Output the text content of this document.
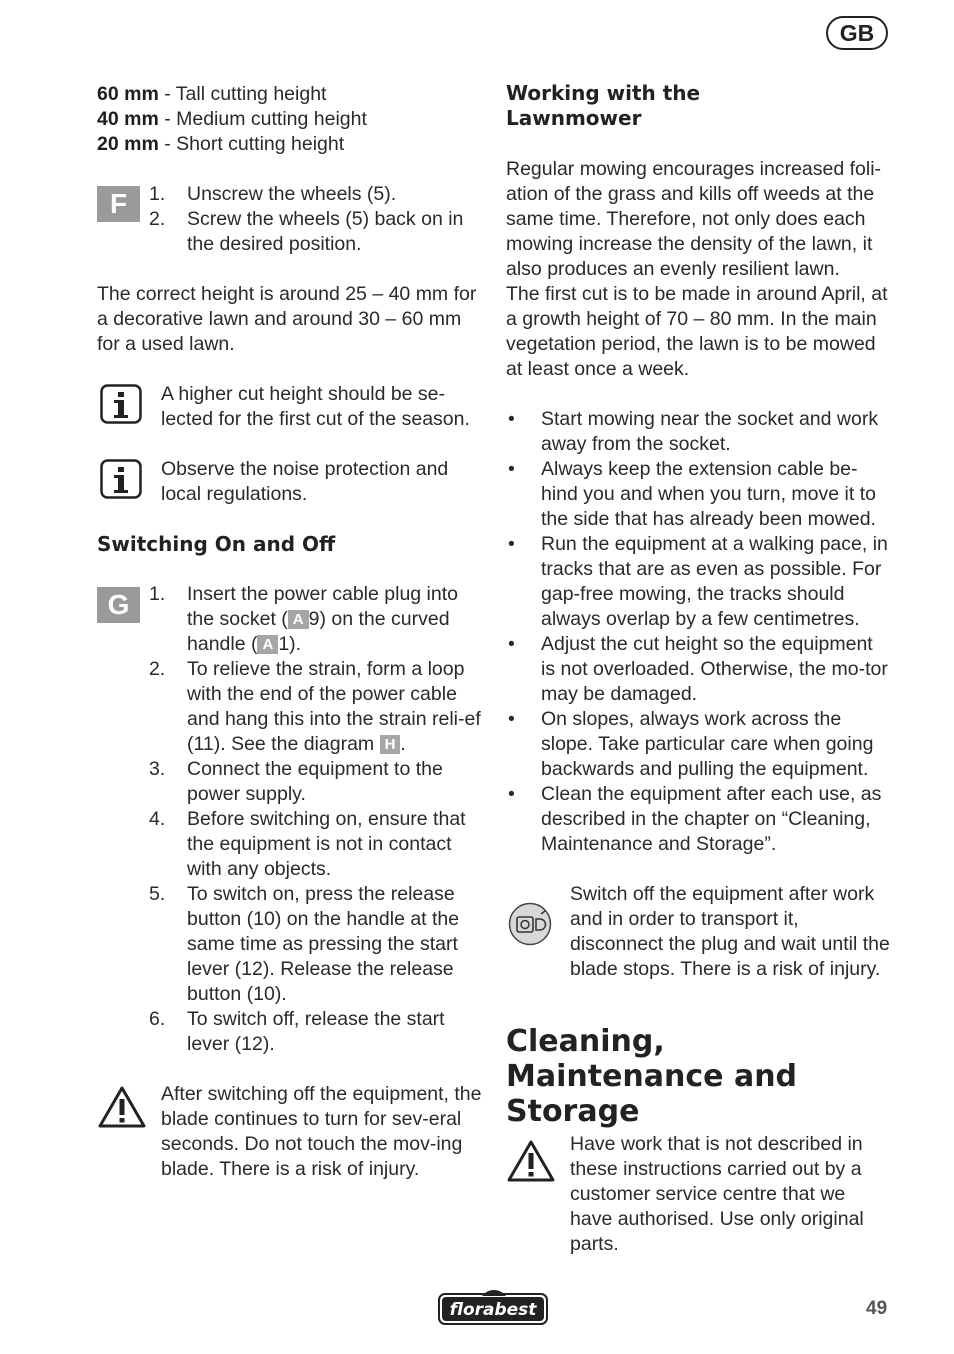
GB

60 mm - Tall cutting height

40 mm - Medium cutting height

20 mm - Short cutting height

F	1. Unscrew the wheels (5).
2. Screw the wheels (5) back on in the desired position.

The correct height is around 25 – 40 mm for a decorative lawn and around 30 – 60 mm for a used lawn.

A higher cut height should be se-lected for the first cut of the season.

Observe the noise protection and local regulations.

Switching On and Off
G	1. Insert the power cable plug into the socket ( A 9) on the curved handle ( A 1).
2. To relieve the strain, form a loop with the end of the power cable and hang this into the strain reli-ef (11). See the diagram H .
3. Connect the equipment to the power supply.
4. Before switching on, ensure that the equipment is not in contact with any objects.
5. To switch on, press the release button (10) on the handle at the same time as pressing the start lever (12). Release the release button (10).
6. To switch off, release the start lever (12).

After switching off the equipment, the blade continues to turn for sev-eral seconds. Do not touch the mov-ing blade. There is a risk of injury.

Working with the
Lawnmower

Regular mowing encourages increased foli-ation of the grass and kills off weeds at the same time. Therefore, not only does each mowing increase the density of the lawn, it also produces an evenly resilient lawn.

The first cut is to be made in around April, at a growth height of 70 – 80 mm. In the main vegetation period, the lawn is to be mowed at least once a week.

• Start mowing near the socket and work away from the socket.
• Always keep the extension cable be-hind you and when you turn, move it to the side that has already been mowed.
• Run the equipment at a walking pace, in tracks that are as even as possible. For gap-free mowing, the tracks should always overlap by a few centimetres.
• Adjust the cut height so the equipment is not overloaded. Otherwise, the mo-tor may be damaged.
• On slopes, always work across the slope. Take particular care when going backwards and pulling the equipment.
• Clean the equipment after each use, as described in the chapter on “Cleaning, Maintenance and Storage”.

Switch off the equipment after work and in order to transport it, disconnect the plug and wait until the blade stops. There is a risk of injury.

Cleaning,
Maintenance and
Storage

Have work that is not described in these instructions carried out by a customer service centre that we have authorised. Use only original parts.

florabest	49
